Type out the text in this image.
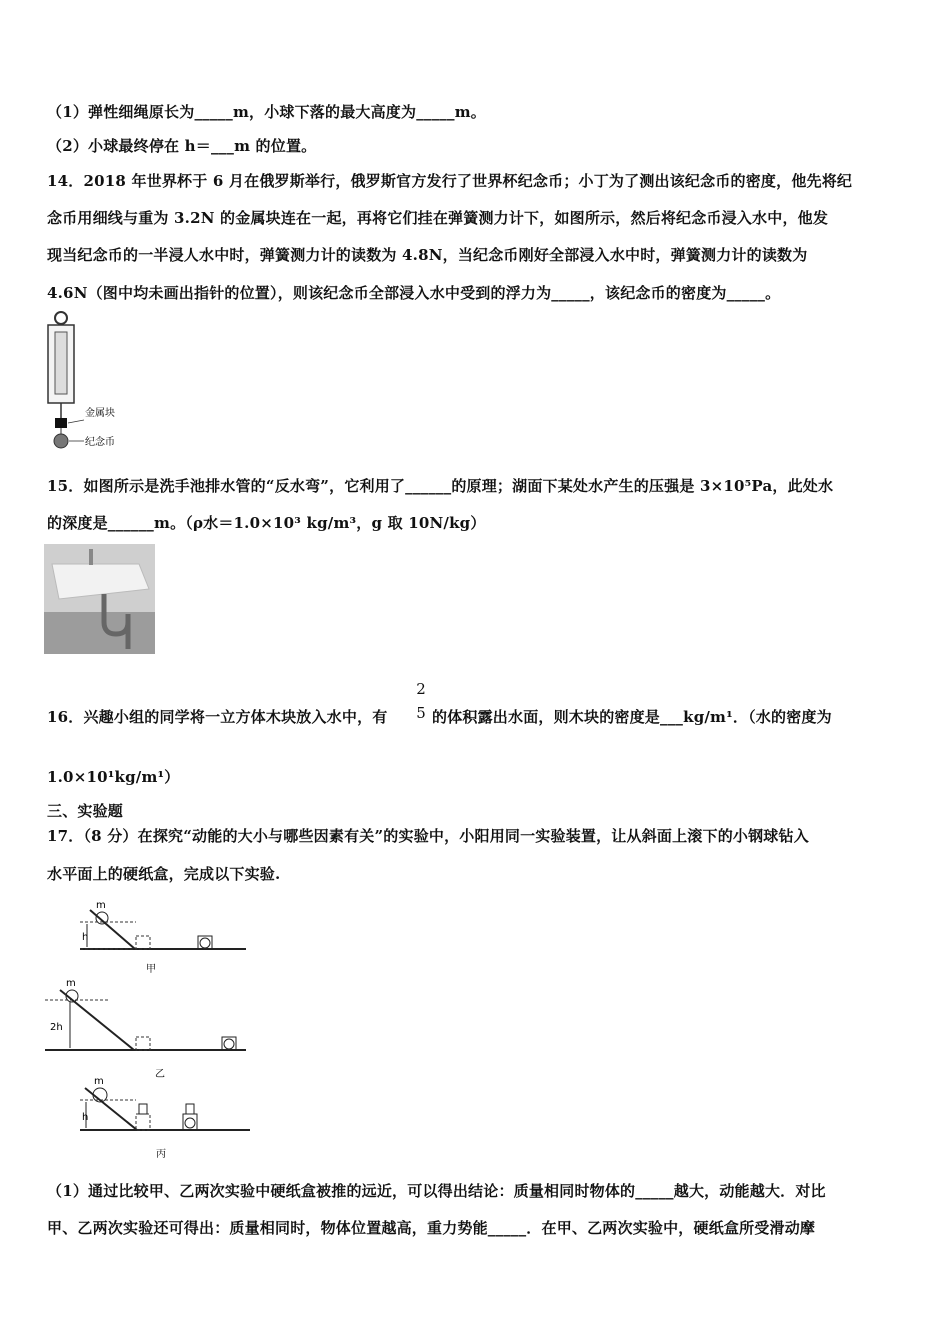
（1）弹性细绳原长为_____m，小球下落的最大高度为_____m。
（2）小球最终停在 h＝___m 的位置。
14．2018 年世界杯于 6 月在俄罗斯举行，俄罗斯官方发行了世界杯纪念币；小丁为了测出该纪念币的密度，他先将纪
念币用细线与重为 3.2N 的金属块连在一起，再将它们挂在弹簧测力计下，如图所示，然后将纪念币浸入水中，他发
现当纪念币的一半浸人水中时，弹簧测力计的读数为 4.8N，当纪念币刚好全部浸入水中时，弹簧测力计的读数为
4.6N（图中均未画出指针的位置），则该纪念币全部浸入水中受到的浮力为_____，该纪念币的密度为_____。
金属块
纪念币
15．如图所示是洗手池排水管的“反水弯”，它利用了______的原理；湖面下某处水产生的压强是 3×10⁵Pa，此处水
的深度是______m。（ρ水＝1.0×10³ kg/m³，g 取 10N/kg）
16．兴趣小组的同学将一立方体木块放入水中，有
2
5 的体积露出水面，则木块的密度是___kg/m¹．（水的密度为
1.0×10¹kg/m¹）
三、实验题
17．（8 分）在探究“动能的大小与哪些因素有关”的实验中，小阳用同一实验装置，让从斜面上滚下的小钢球钻入
水平面上的硬纸盒，完成以下实验.
m
h
甲
m
2h
乙
m
h
丙
（1）通过比较甲、乙两次实验中硬纸盒被推的远近，可以得出结论：质量相同时物体的_____越大，动能越大．对比
甲、乙两次实验还可得出：质量相同时，物体位置越高，重力势能_____．在甲、乙两次实验中，硬纸盒所受滑动摩
